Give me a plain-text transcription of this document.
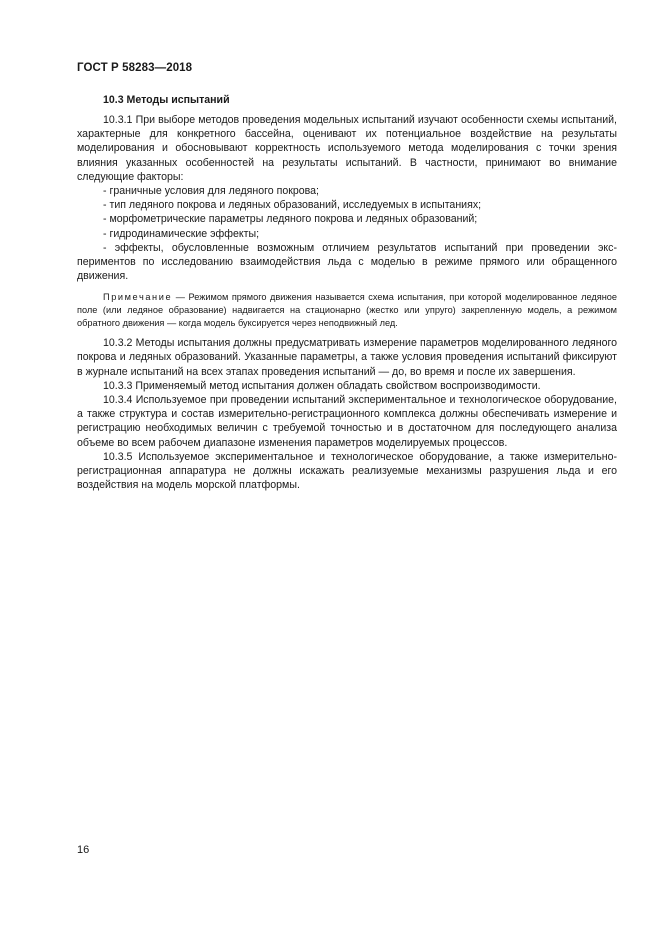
ГОСТ Р 58283—2018

10.3 Методы испытаний

10.3.1 При выборе методов проведения модельных испытаний изучают особенности схемы испытаний, характерные для конкретного бассейна, оценивают их потенциальное воздействие на результаты моделирования и обосновывают корректность используемого метода моделирования с точки зрения влияния указанных особенностей на результаты испытаний. В частности, принимают во внимание следующие факторы:

- граничные условия для ледяного покрова;
- тип ледяного покрова и ледяных образований, исследуемых в испытаниях;
- морфометрические параметры ледяного покрова и ледяных образований;
- гидродинамические эффекты;
- эффекты, обусловленные возможным отличием результатов испытаний при проведении экспериментов по исследованию взаимодействия льда с моделью в режиме прямого или обращенного движения.

Примечание — Режимом прямого движения называется схема испытания, при которой моделированное ледяное поле (или ледяное образование) надвигается на стационарно (жестко или упруго) закрепленную модель, а режимом обратного движения — когда модель буксируется через неподвижный лед.

10.3.2 Методы испытания должны предусматривать измерение параметров моделированного ледяного покрова и ледяных образований. Указанные параметры, а также условия проведения испытаний фиксируют в журнале испытаний на всех этапах проведения испытаний — до, во время и после их завершения.

10.3.3 Применяемый метод испытания должен обладать свойством воспроизводимости.

10.3.4 Используемое при проведении испытаний экспериментальное и технологическое оборудование, а также структура и состав измерительно-регистрационного комплекса должны обеспечивать измерение и регистрацию необходимых величин с требуемой точностью и в достаточном для последующего анализа объеме во всем рабочем диапазоне изменения параметров моделируемых процессов.

10.3.5 Используемое экспериментальное и технологическое оборудование, а также измерительно-регистрационная аппаратура не должны искажать реализуемые механизмы разрушения льда и его воздействия на модель морской платформы.

16
